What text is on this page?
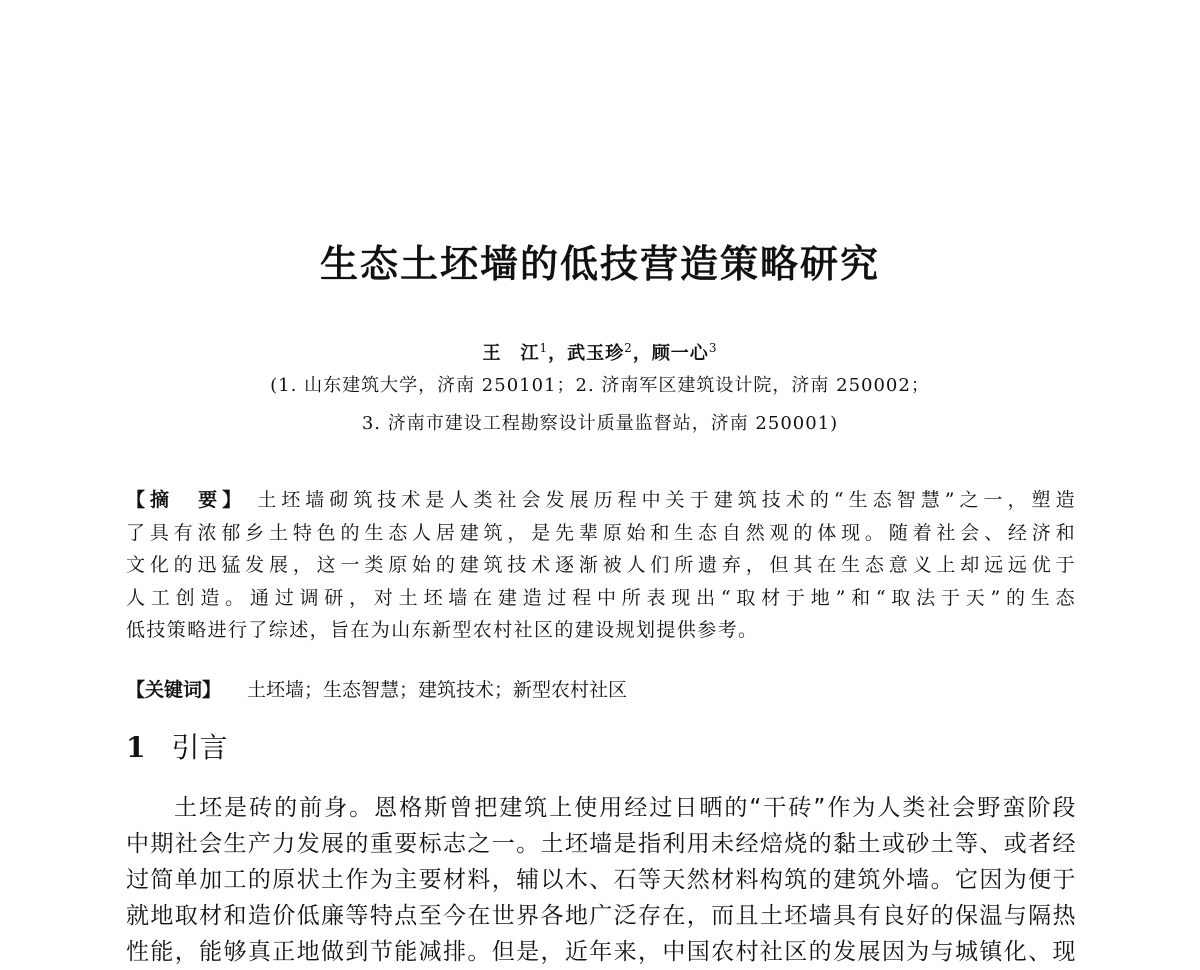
生态土坯墙的低技营造策略研究
王　江$^1$，武玉珍$^2$，顾一心$^3$
(1. 山东建筑大学，济南 250101；2. 济南军区建筑设计院，济南 250002；
3. 济南市建设工程勘察设计质量监督站，济南 250001)
【摘　要】 土坯墙砌筑技术是人类社会发展历程中关于建筑技术的“生态智慧”之一，塑造
了具有浓郁乡土特色的生态人居建筑，是先辈原始和生态自然观的体现。随着社会、经济和
文化的迅猛发展，这一类原始的建筑技术逐渐被人们所遗弃，但其在生态意义上却远远优于
人工创造。通过调研，对土坯墙在建造过程中所表现出“取材于地”和“取法于天”的生态
低技策略进行了综述，旨在为山东新型农村社区的建设规划提供参考。
【关键词】 土坯墙；生态智慧；建筑技术；新型农村社区
1 引言
土坯是砖的前身。恩格斯曾把建筑上使用经过日晒的“干砖”作为人类社会野蛮阶段
中期社会生产力发展的重要标志之一。土坯墙是指利用未经焙烧的黏土或砂土等、或者经
过简单加工的原状土作为主要材料，辅以木、石等天然材料构筑的建筑外墙。它因为便于
就地取材和造价低廉等特点至今在世界各地广泛存在，而且土坯墙具有良好的保温与隔热
性能，能够真正地做到节能减排。但是，近年来，中国农村社区的发展因为与城镇化、现
